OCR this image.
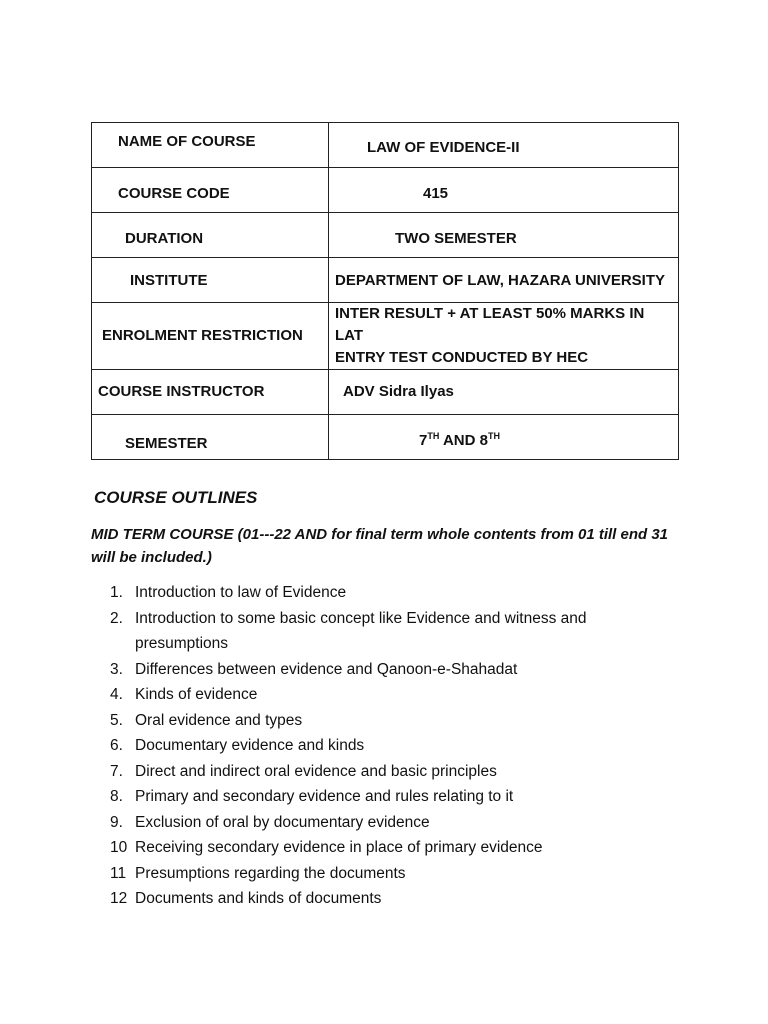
NAME OF COURSE	LAW OF EVIDENCE-II
COURSE CODE	415
DURATION	TWO SEMESTER
INSTITUTE	DEPARTMENT OF LAW, HAZARA UNIVERSITY
ENROLMENT RESTRICTION	INTER RESULT + AT LEAST 50% MARKS IN LAT
ENTRY TEST CONDUCTED BY HEC
COURSE INSTRUCTOR	ADV Sidra Ilyas
SEMESTER	7TH AND 8TH
COURSE OUTLINES

MID TERM COURSE (01---22 AND for final term whole contents from 01 till end 31 will be included.)

1. Introduction to law of Evidence
2. Introduction to some basic concept like Evidence and witness and presumptions
3. Differences between evidence and Qanoon-e-Shahadat
4. Kinds of evidence
5. Oral evidence and types
6. Documentary evidence and kinds
7. Direct and indirect oral evidence and basic principles
8. Primary and secondary evidence and rules relating to it
9. Exclusion of oral by documentary evidence
10 Receiving secondary evidence in place of primary evidence
11 Presumptions regarding the documents
12 Documents and kinds of documents
